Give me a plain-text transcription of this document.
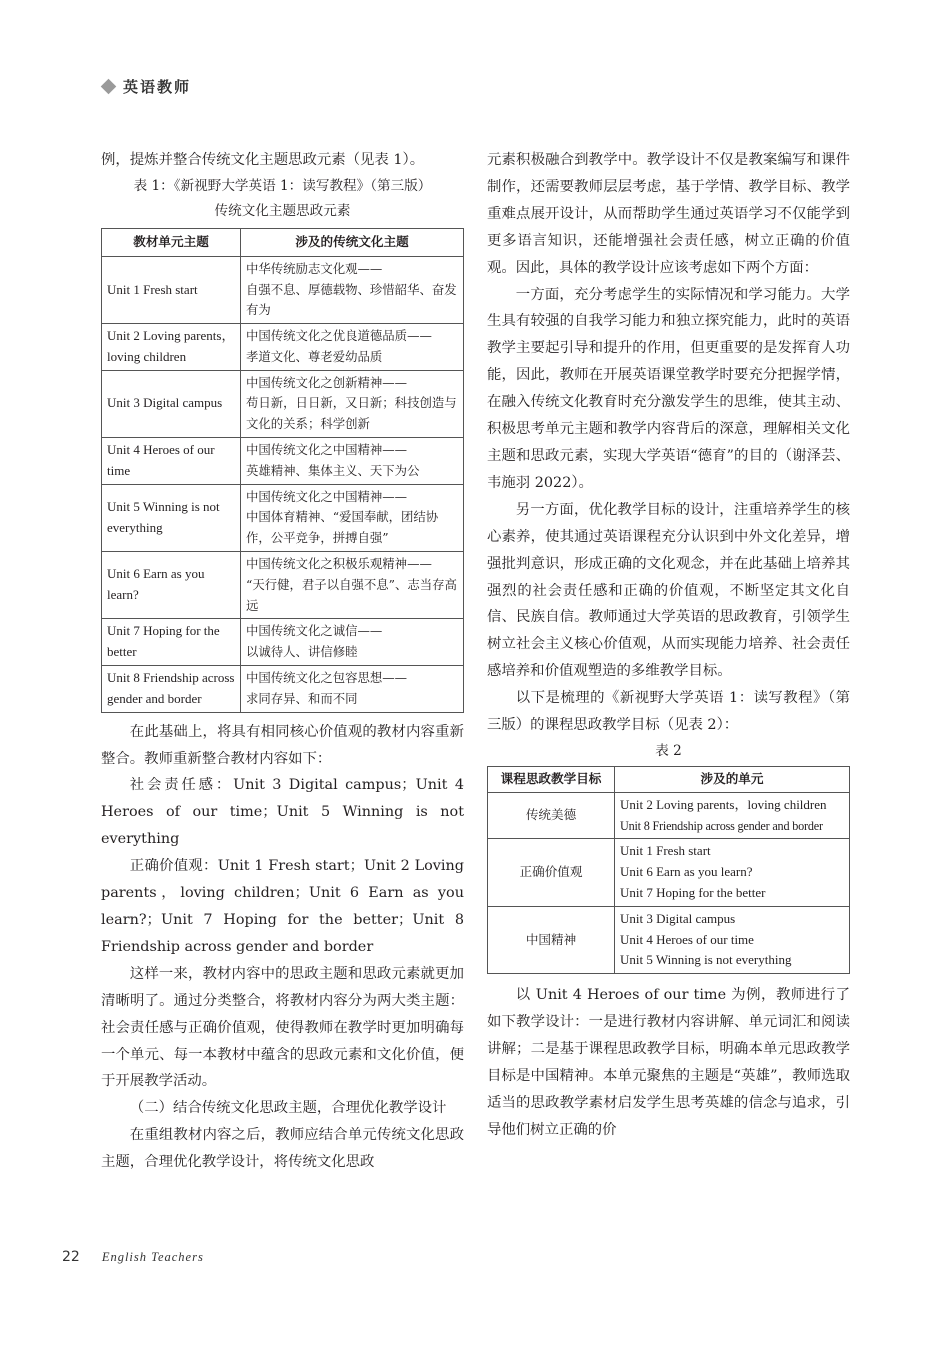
英语教师

例，提炼并整合传统文化主题思政元素（见表 1）。

表 1：《新视野大学英语 1：读写教程》（第三版）
传统文化主题思政元素
教材单元主题	涉及的传统文化主题
Unit 1 Fresh start	中华传统励志文化观——
自强不息、厚德载物、珍惜韶华、奋发有为
Unit 2 Loving parents，loving children	中国传统文化之优良道德品质——
孝道文化、尊老爱幼品质
Unit 3 Digital campus	中国传统文化之创新精神——
苟日新，日日新，又日新；科技创造与文化的关系；科学创新
Unit 4 Heroes of our time	中国传统文化之中国精神——
英雄精神、集体主义、天下为公
Unit 5 Winning is not everything	中国传统文化之中国精神——
中国体育精神、“爱国奉献，团结协作，公平竞争，拼搏自强”
Unit 6 Earn as you learn?	中国传统文化之积极乐观精神——
“天行健，君子以自强不息”、志当存高远
Unit 7 Hoping for the better	中国传统文化之诚信——
以诚待人、讲信修睦
Unit 8 Friendship across gender and border	中国传统文化之包容思想——
求同存异、和而不同

在此基础上，将具有相同核心价值观的教材内容重新整合。教师重新整合教材内容如下：

社会责任感：Unit 3 Digital campus；Unit 4 Heroes of our time；Unit 5 Winning is not everything

正确价值观：Unit 1 Fresh start；Unit 2 Loving parents，loving children；Unit 6 Earn as you learn?；Unit 7 Hoping for the better；Unit 8 Friendship across gender and border

这样一来，教材内容中的思政主题和思政元素就更加清晰明了。通过分类整合，将教材内容分为两大类主题：社会责任感与正确价值观，使得教师在教学时更加明确每一个单元、每一本教材中蕴含的思政元素和文化价值，便于开展教学活动。

（二）结合传统文化思政主题，合理优化教学设计

在重组教材内容之后，教师应结合单元传统文化思政主题，合理优化教学设计，将传统文化思政

元素积极融合到教学中。教学设计不仅是教案编写和课件制作，还需要教师层层考虑，基于学情、教学目标、教学重难点展开设计，从而帮助学生通过英语学习不仅能学到更多语言知识，还能增强社会责任感，树立正确的价值观。因此，具体的教学设计应该考虑如下两个方面：

一方面，充分考虑学生的实际情况和学习能力。大学生具有较强的自我学习能力和独立探究能力，此时的英语教学主要起引导和提升的作用，但更重要的是发挥育人功能，因此，教师在开展英语课堂教学时要充分把握学情，在融入传统文化教育时充分激发学生的思维，使其主动、积极思考单元主题和教学内容背后的深意，理解相关文化主题和思政元素，实现大学英语“德育”的目的（谢泽芸、韦施羽 2022）。

另一方面，优化教学目标的设计，注重培养学生的核心素养，使其通过英语课程充分认识到中外文化差异，增强批判意识，形成正确的文化观念，并在此基础上培养其强烈的社会责任感和正确的价值观，不断坚定其文化自信、民族自信。教师通过大学英语的思政教育，引领学生树立社会主义核心价值观，从而实现能力培养、社会责任感培养和价值观塑造的多维教学目标。

以下是梳理的《新视野大学英语 1：读写教程》（第三版）的课程思政教学目标（见表 2）：

表 2
课程思政教学目标	涉及的单元
传统美德	Unit 2 Loving parents，loving children
Unit 8 Friendship across gender and border

正确价值观	Unit 1 Fresh start
Unit 6 Earn as you learn?
Unit 7 Hoping for the better

中国精神	Unit 3 Digital campus
Unit 4 Heroes of our time
Unit 5 Winning is not everything

以 Unit 4 Heroes of our time 为例，教师进行了如下教学设计：一是进行教材内容讲解、单元词汇和阅读讲解；二是基于课程思政教学目标，明确本单元思政教学目标是中国精神。本单元聚焦的主题是“英雄”，教师选取适当的思政教学素材启发学生思考英雄的信念与追求，引导他们树立正确的价

22 English Teachers
